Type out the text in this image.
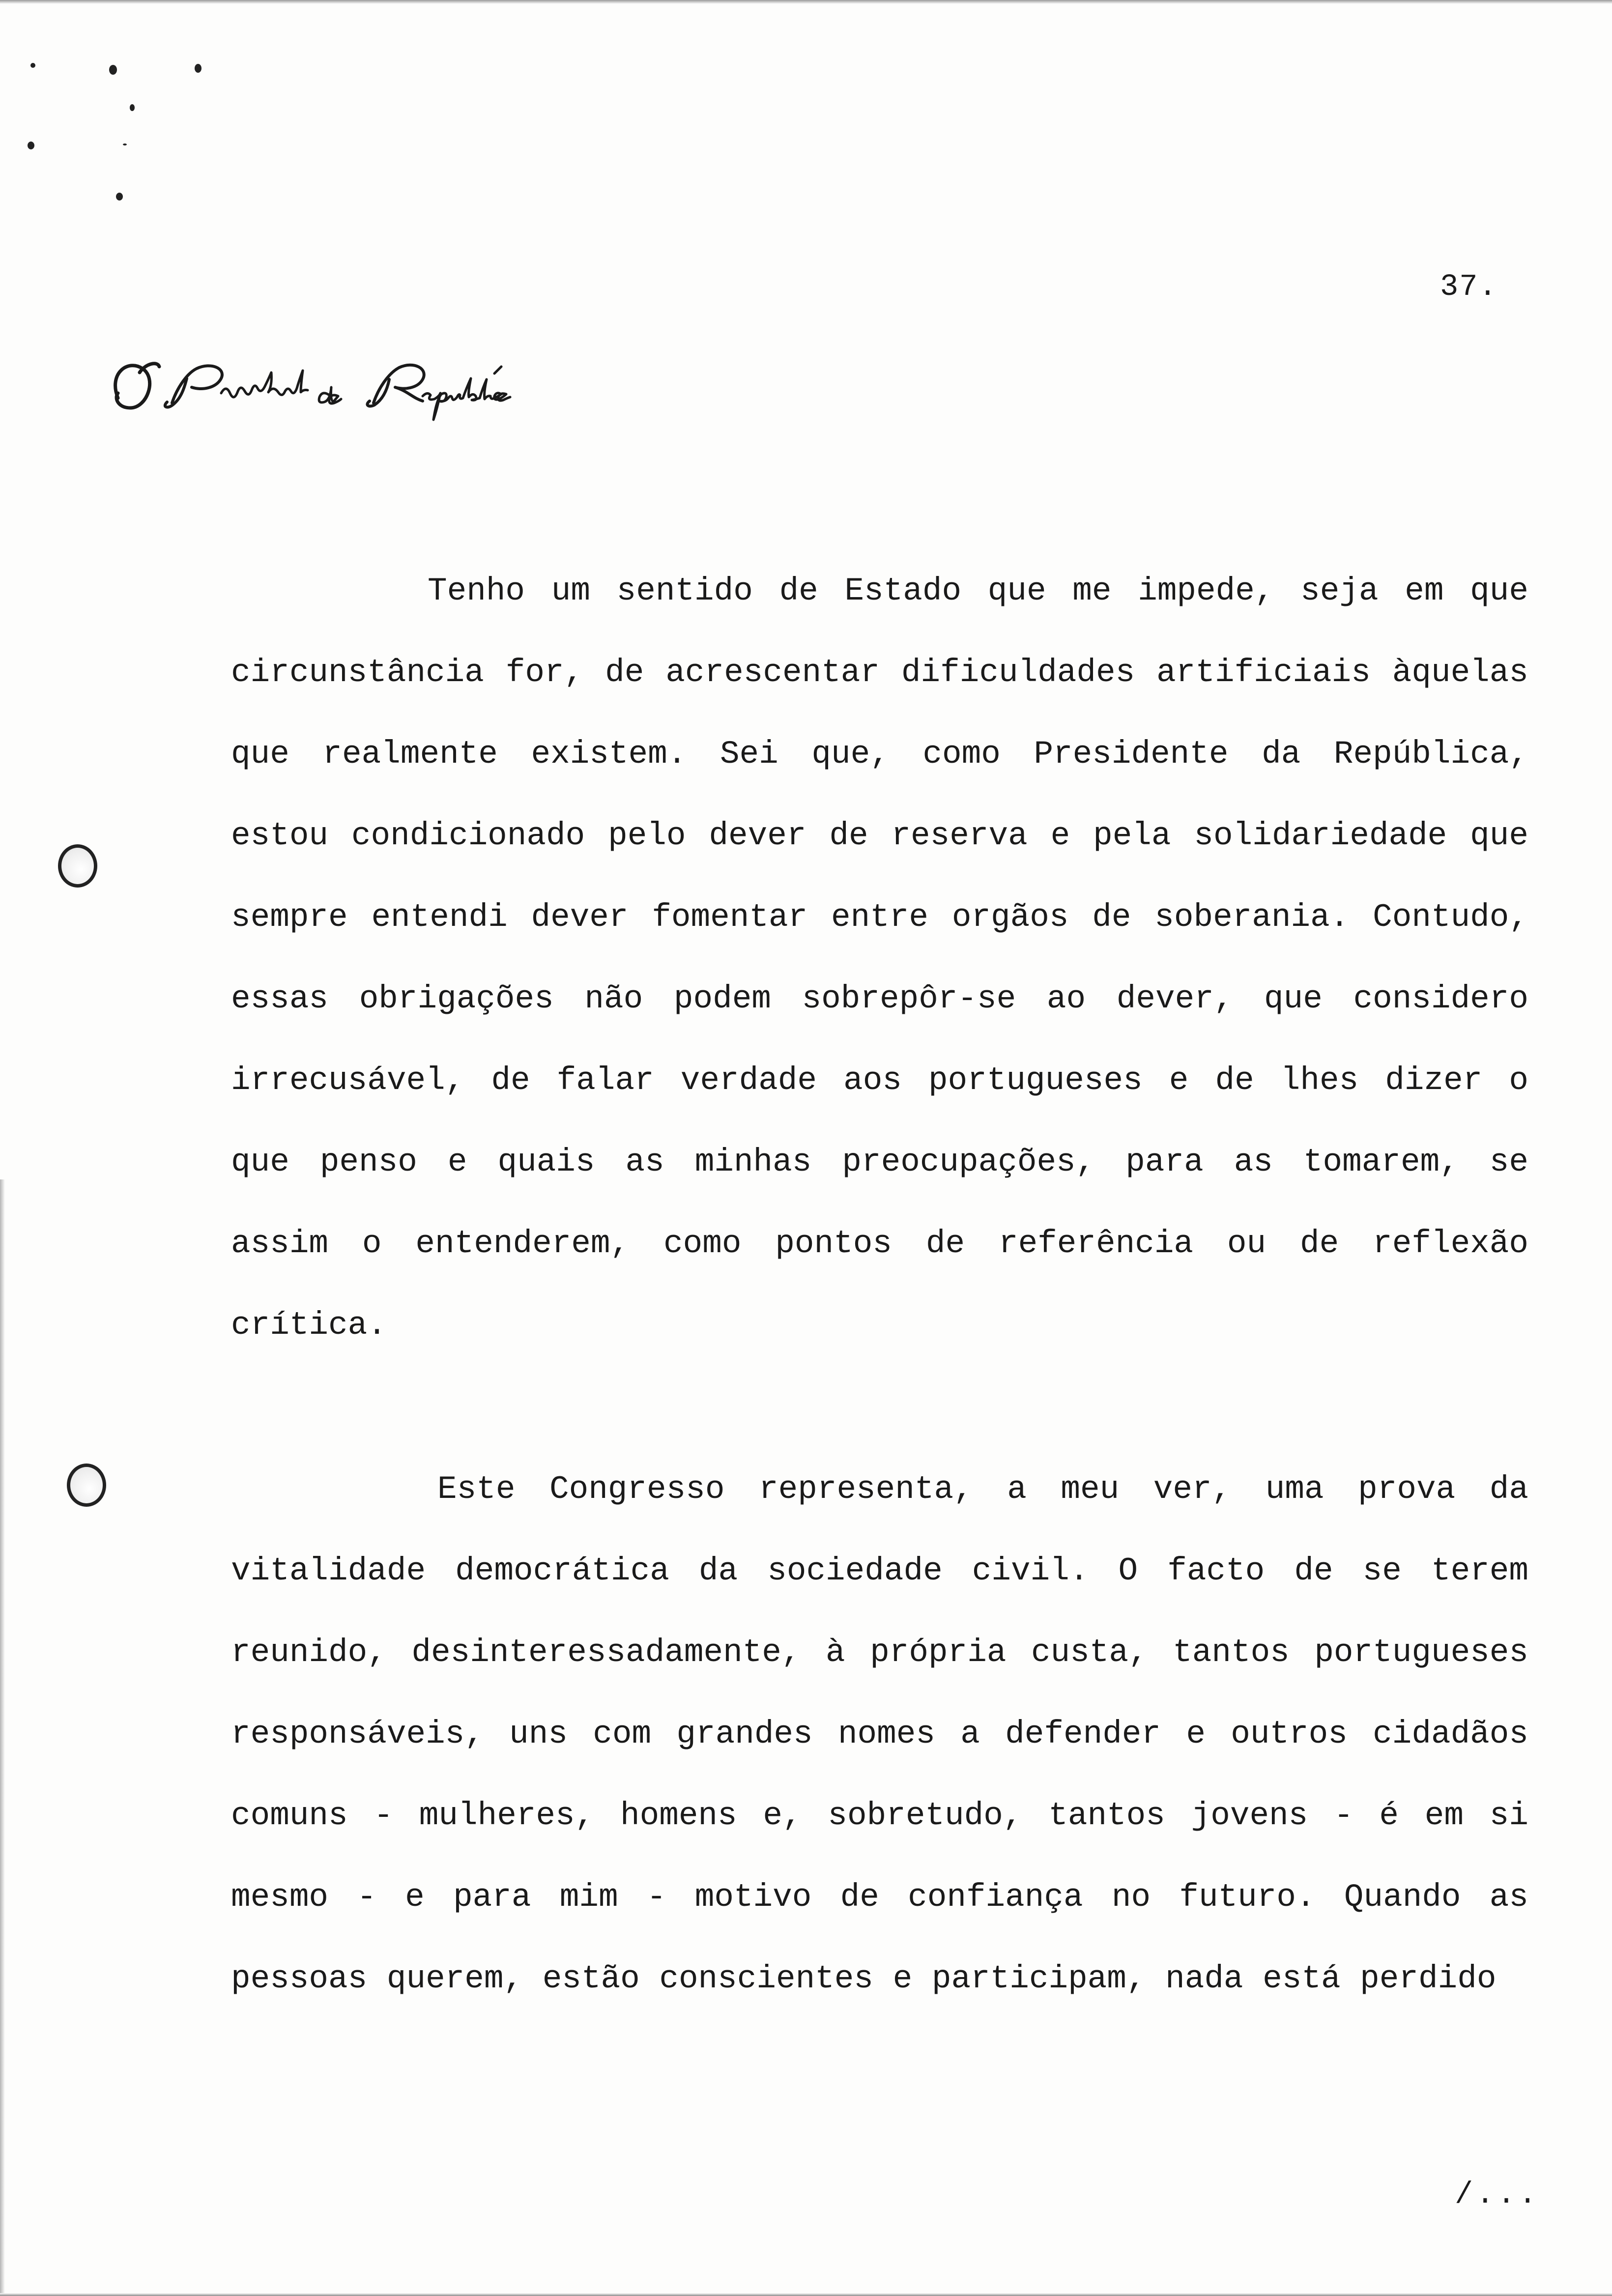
37.

Tenho um sentido de Estado que me impede, seja em que circunstância for, de acrescentar dificuldades artificiais àquelas que realmente existem. Sei que, como Presidente da República, estou condicionado pelo dever de reserva e pela solidariedade que sempre entendi dever fomentar entre orgãos de soberania. Contudo, essas obrigações não podem sobrepôr-se ao dever, que considero irrecusável, de falar verdade aos portugueses e de lhes dizer o que penso e quais as minhas preocupações, para as tomarem, se assim o entenderem, como pontos de referência ou de reflexão crítica.

Este Congresso representa, a meu ver, uma prova da vitalidade democrática da sociedade civil. O facto de se terem reunido, desinteressadamente, à própria custa, tantos portugueses responsáveis, uns com grandes nomes a defender e outros cidadãos comuns - mulheres, homens e, sobretudo, tantos jovens - é em si mesmo - e para mim - motivo de confiança no futuro. Quando as pessoas querem, estão conscientes e participam, nada está perdido

/...
